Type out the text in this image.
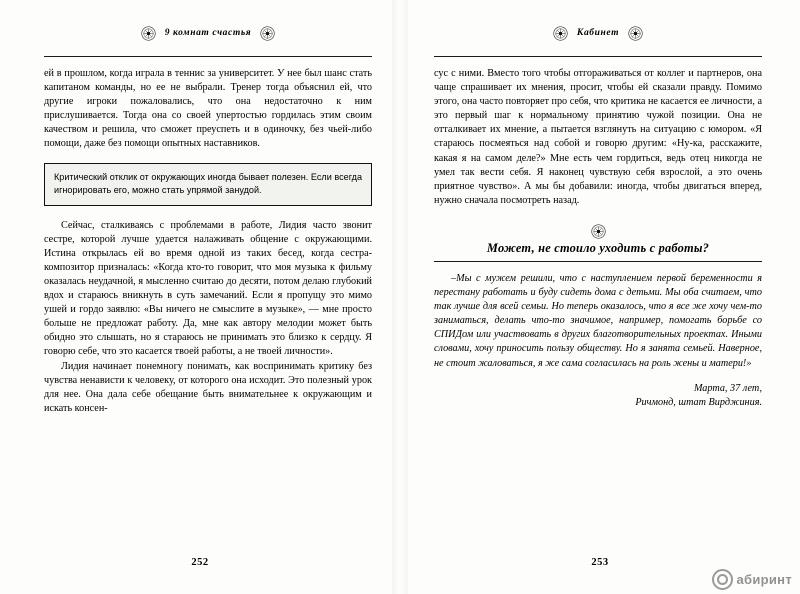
9 комнат счастья

ей в прошлом, когда играла в теннис за университет. У нее был шанс стать капитаном команды, но ее не выбрали. Тренер тогда объяснил ей, что другие игроки пожаловались, что она недостаточно к ним прислушивается. Тогда она со своей упертостью гордилась этим своим качеством и решила, что сможет преуспеть и в одиночку, без чьей-либо помощи, даже без помощи опытных наставников.

Критический отклик от окружающих иногда бывает полезен. Если всегда игнорировать его, можно стать упрямой занудой.

Сейчас, сталкиваясь с проблемами в работе, Лидия часто звонит сестре, которой лучше удается налаживать общение с окружающими. Истина открылась ей во время одной из таких бесед, когда сестра-композитор призналась: «Когда кто-то говорит, что моя музыка к фильму оказалась неудачной, я мысленно считаю до десяти, потом делаю глубокий вдох и стараюсь вникнуть в суть замечаний. Если я пропущу это мимо ушей и гордо заявлю: «Вы ничего не смыслите в музыке», — мне просто больше не предложат работу. Да, мне как автору мелодии может быть обидно это слышать, но я стараюсь не принимать это близко к сердцу. Я говорю себе, что это касается твоей работы, а не твоей личности».

Лидия начинает понемногу понимать, как воспринимать критику без чувства ненависти к человеку, от которого она исходит. Это полезный урок для нее. Она дала себе обещание быть внимательнее к окружающим и искать консен-

252
Кабинет

сус с ними. Вместо того чтобы отгораживаться от коллег и партнеров, она чаще спрашивает их мнения, просит, чтобы ей сказали правду. Помимо этого, она часто повторяет про себя, что критика не касается ее личности, а это первый шаг к нормальному принятию чужой позиции. Она не отталкивает их мнение, а пытается взглянуть на ситуацию с юмором. «Я стараюсь посмеяться над собой и говорю другим: «Ну-ка, расскажите, какая я на самом деле?» Мне есть чем гордиться, ведь отец никогда не умел так вести себя. Я наконец чувствую себя взрослой, а это очень приятное чувство». А мы бы добавили: иногда, чтобы двигаться вперед, нужно сначала посмотреть назад.

Может, не стоило уходить с работы?

–Мы с мужем решили, что с наступлением первой беременности я перестану работать и буду сидеть дома с детьми. Мы оба считаем, что так лучше для всей семьи. Но теперь оказалось, что я все же хочу чем-то заниматься, делать что-то значимое, например, помогать борьбе со СПИДом или участвовать в других благотворительных проектах. Иными словами, хочу приносить пользу обществу. Но я занята семьей. Наверное, не стоит жаловаться, я же сама согласилась на роль жены и матери!»

Марта, 37 лет,
Ричмонд, штат Вирджиния.
253
абиринт
